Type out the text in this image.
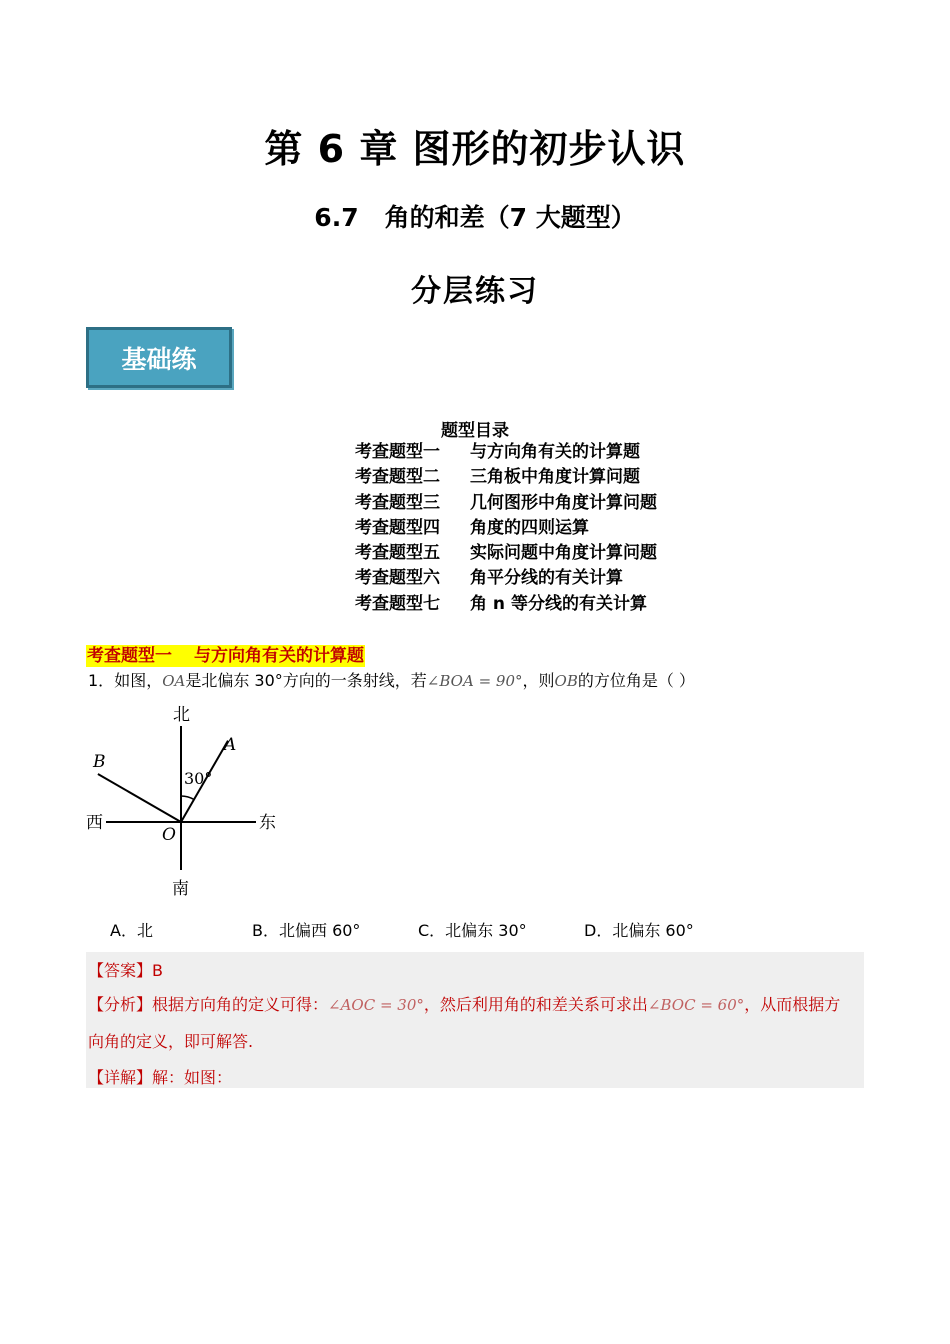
第 6 章 图形的初步认识
6.7 角的和差（7 大题型）
分层练习
基础练
题型目录
考查题型一 与方向角有关的计算题
考查题型二 三角板中角度计算问题
考查题型三 几何图形中角度计算问题
考查题型四 角度的四则运算
考查题型五 实际问题中角度计算问题
考查题型六 角平分线的有关计算
考查题型七 角 n 等分线的有关计算
考查题型一 与方向角有关的计算题
1．如图，OA是北偏东 30°方向的一条射线，若∠BOA = 90°，则OB的方位角是（ ）
北
南
西	东
A
B
O
30°
A．北	B．北偏西 60°	C．北偏东 30°	D．北偏东 60°
【答案】B
【分析】根据方向角的定义可得：∠AOC = 30°，然后利用角的和差关系可求出∠BOC = 60°，从而根据方
向角的定义，即可解答.
【详解】解：如图：
